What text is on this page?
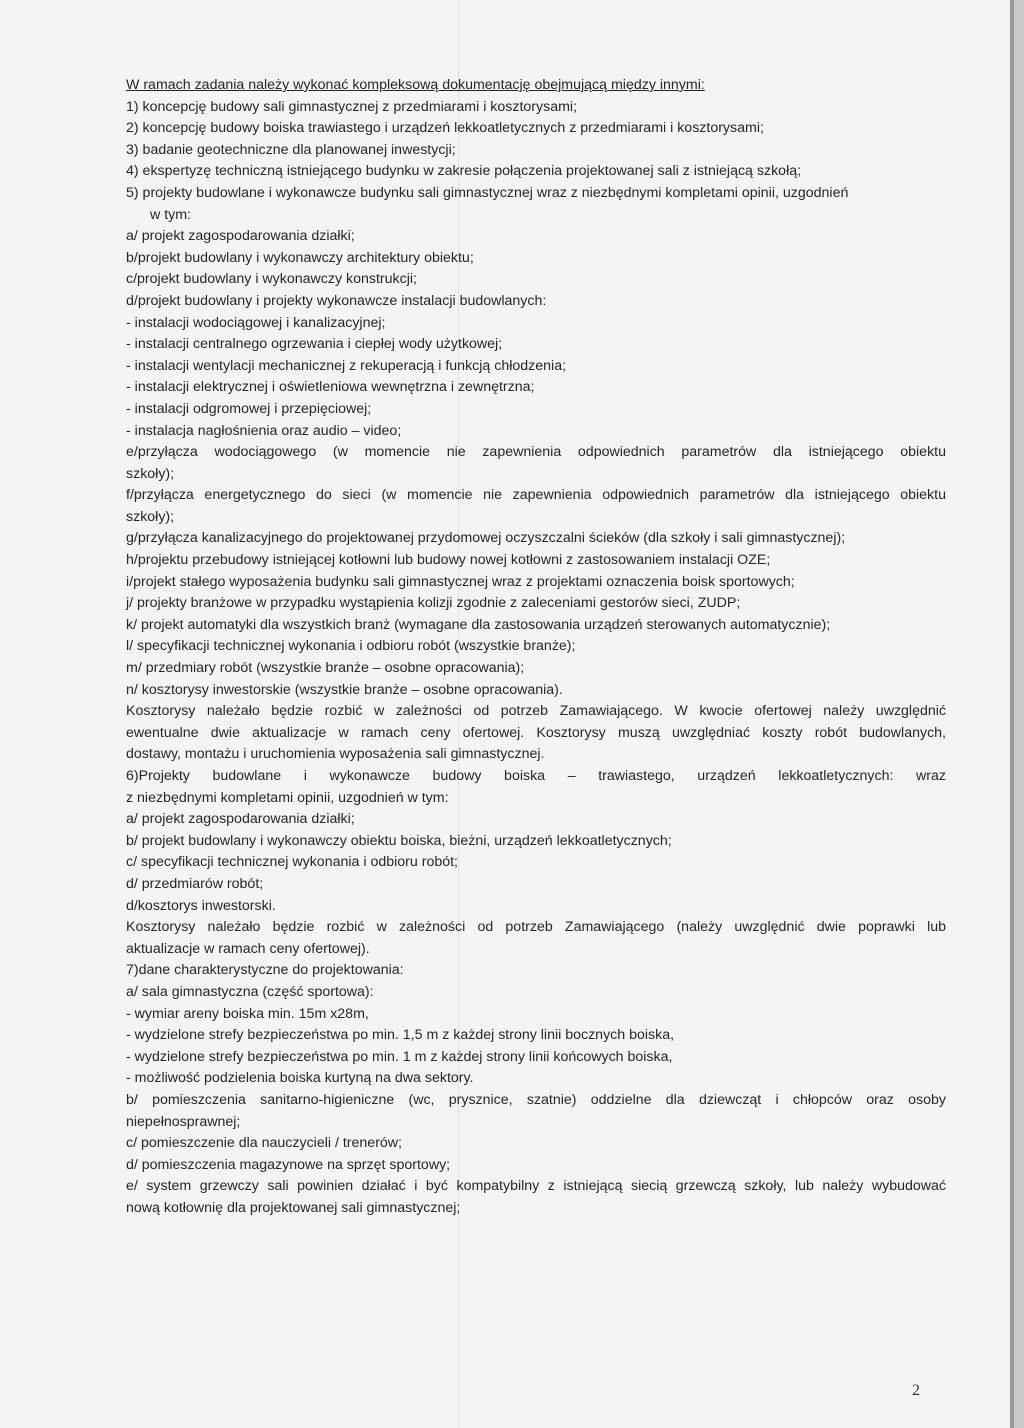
W ramach zadania należy wykonać kompleksową dokumentację obejmującą między innymi:
1) koncepcję budowy sali gimnastycznej z przedmiarami i kosztorysami;
2) koncepcję budowy boiska trawiastego i urządzeń lekkoatletycznych z przedmiarami i kosztorysami;
3) badanie geotechniczne dla planowanej inwestycji;
4) ekspertyzę techniczną istniejącego budynku w zakresie połączenia projektowanej sali z istniejącą szkołą;
5) projekty budowlane i wykonawcze budynku sali gimnastycznej wraz z niezbędnymi kompletami opinii, uzgodnień
w tym:
a/ projekt zagospodarowania działki;
b/projekt budowlany i wykonawczy architektury obiektu;
c/projekt budowlany i wykonawczy konstrukcji;
d/projekt budowlany i projekty wykonawcze instalacji budowlanych:
- instalacji wodociągowej i kanalizacyjnej;
- instalacji centralnego ogrzewania i ciepłej wody użytkowej;
- instalacji wentylacji mechanicznej z rekuperacją i funkcją chłodzenia;
- instalacji elektrycznej i oświetleniowa wewnętrzna i zewnętrzna;
- instalacji odgromowej i przepięciowej;
- instalacja nagłośnienia oraz audio – video;
e/przyłącza wodociągowego (w momencie nie zapewnienia odpowiednich parametrów dla istniejącego obiektu
szkoły);
f/przyłącza energetycznego do sieci (w momencie nie zapewnienia odpowiednich parametrów dla istniejącego obiektu
szkoły);
g/przyłącza kanalizacyjnego do projektowanej przydomowej oczyszczalni ścieków (dla szkoły i sali gimnastycznej);
h/projektu przebudowy istniejącej kotłowni lub budowy nowej kotłowni z zastosowaniem instalacji OZE;
i/projekt stałego wyposażenia budynku sali gimnastycznej wraz z projektami oznaczenia boisk sportowych;
j/ projekty branżowe w przypadku wystąpienia kolizji zgodnie z zaleceniami gestorów sieci, ZUDP;
k/ projekt automatyki dla wszystkich branż (wymagane dla zastosowania urządzeń sterowanych automatycznie);
l/ specyfikacji technicznej wykonania i odbioru robót (wszystkie branże);
m/ przedmiary robót (wszystkie branże – osobne opracowania);
n/ kosztorysy inwestorskie (wszystkie branże – osobne opracowania).
Kosztorysy należało będzie rozbić w zależności od potrzeb Zamawiającego. W kwocie ofertowej należy uwzględnić
ewentualne dwie aktualizacje w ramach ceny ofertowej. Kosztorysy muszą uwzględniać koszty robót budowlanych,
dostawy, montażu i uruchomienia wyposażenia sali gimnastycznej.
6)Projekty budowlane i wykonawcze budowy boiska – trawiastego, urządzeń lekkoatletycznych: wraz
z niezbędnymi kompletami opinii, uzgodnień w tym:
a/ projekt zagospodarowania działki;
b/ projekt budowlany i wykonawczy obiektu boiska, bieżni, urządzeń lekkoatletycznych;
c/ specyfikacji technicznej wykonania i odbioru robót;
d/ przedmiarów robót;
d/kosztorys inwestorski.
Kosztorysy należało będzie rozbić w zależności od potrzeb Zamawiającego (należy uwzględnić dwie poprawki lub
aktualizacje w ramach ceny ofertowej).
7)dane charakterystyczne do projektowania:
a/ sala gimnastyczna (część sportowa):
- wymiar areny boiska min. 15m x28m,
- wydzielone strefy bezpieczeństwa po min. 1,5 m z każdej strony linii bocznych boiska,
- wydzielone strefy bezpieczeństwa po min. 1 m z każdej strony linii końcowych boiska,
- możliwość podzielenia boiska kurtyną na dwa sektory.
b/ pomieszczenia sanitarno-higieniczne (wc, prysznice, szatnie) oddzielne dla dziewcząt i chłopców oraz osoby
niepełnosprawnej;
c/ pomieszczenie dla nauczycieli / trenerów;
d/ pomieszczenia magazynowe na sprzęt sportowy;
e/ system grzewczy sali powinien działać i być kompatybilny z istniejącą siecią grzewczą szkoły, lub należy wybudować
nową kotłownię dla projektowanej sali gimnastycznej;
2
